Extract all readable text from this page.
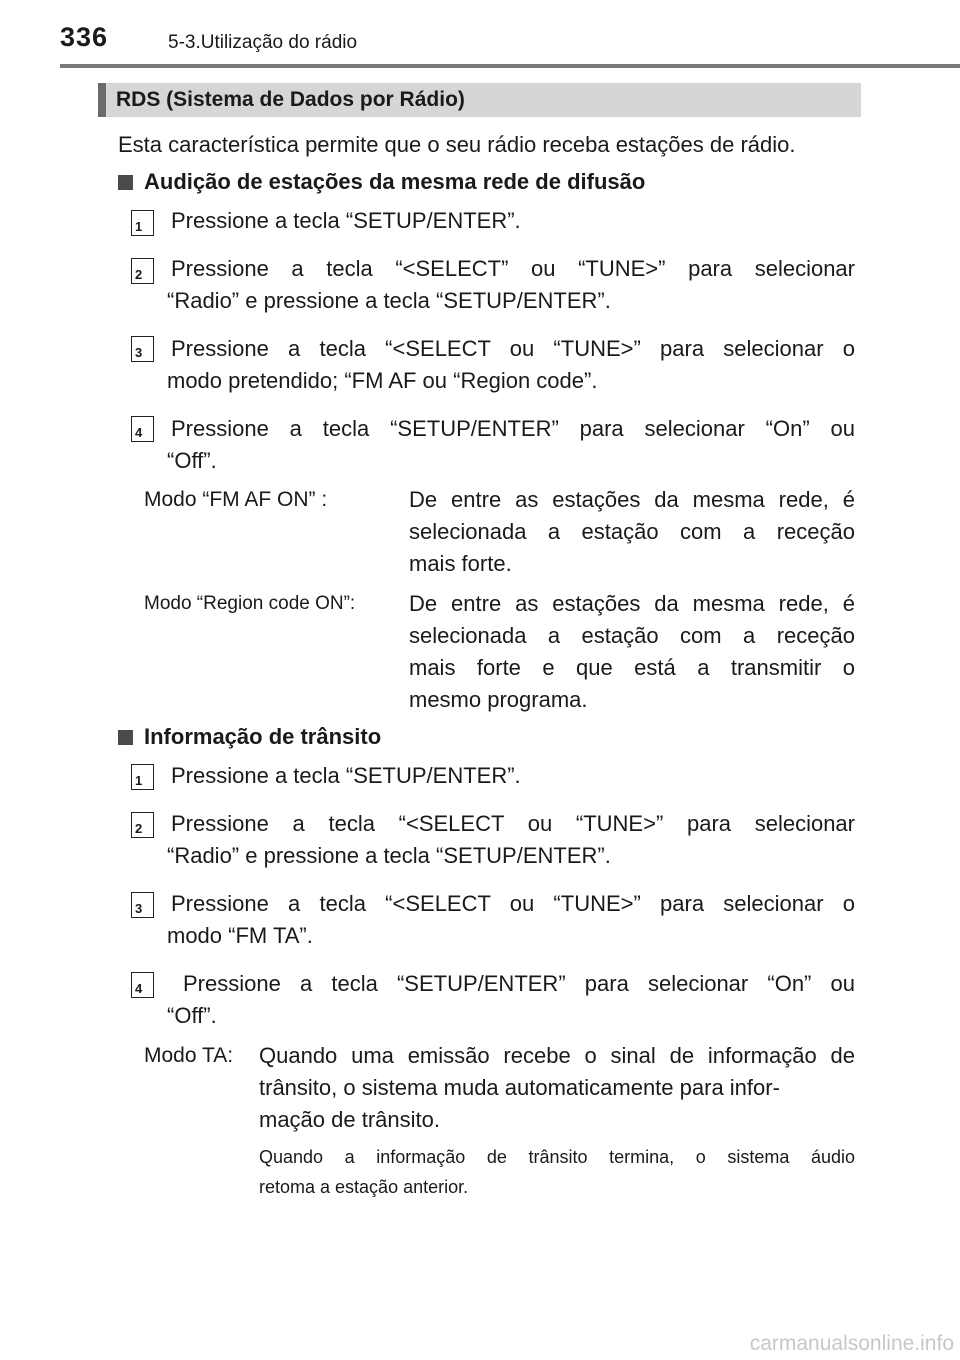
336	5-3.Utilização do rádio
RDS (Sistema de Dados por Rádio)
Esta característica permite que o seu rádio receba estações de rádio.
Audição de estações da mesma rede de difusão
1 Pressione a tecla “SETUP/ENTER”.
2 Pressione a tecla “<SELECT” ou “TUNE>” para selecionar
“Radio” e pressione a tecla “SETUP/ENTER”.
3 Pressione a tecla “<SELECT ou “TUNE>” para selecionar o
modo pretendido; “FM AF ou “Region code”.
4 Pressione a tecla “SETUP/ENTER” para selecionar “On” ou
“Off”.
Modo “FM AF ON” :	De entre as estações da mesma rede, é
selecionada a estação com a receção
mais forte.
Modo “Region code ON”: De entre as estações da mesma rede, é
selecionada a estação com a receção
mais forte e que está a transmitir o
mesmo programa.
Informação de trânsito
1 Pressione a tecla “SETUP/ENTER”.
2 Pressione a tecla “<SELECT ou “TUNE>” para selecionar
“Radio” e pressione a tecla “SETUP/ENTER”.
3 Pressione a tecla “<SELECT ou “TUNE>” para selecionar o
modo “FM TA”.
4 Pressione a tecla “SETUP/ENTER” para selecionar “On” ou
“Off”.
Modo TA: Quando uma emissão recebe o sinal de informação de
trânsito, o sistema muda automaticamente para infor-
mação de trânsito.
Quando a informação de trânsito termina, o sistema áudio
retoma a estação anterior.
carmanualsonline.info
